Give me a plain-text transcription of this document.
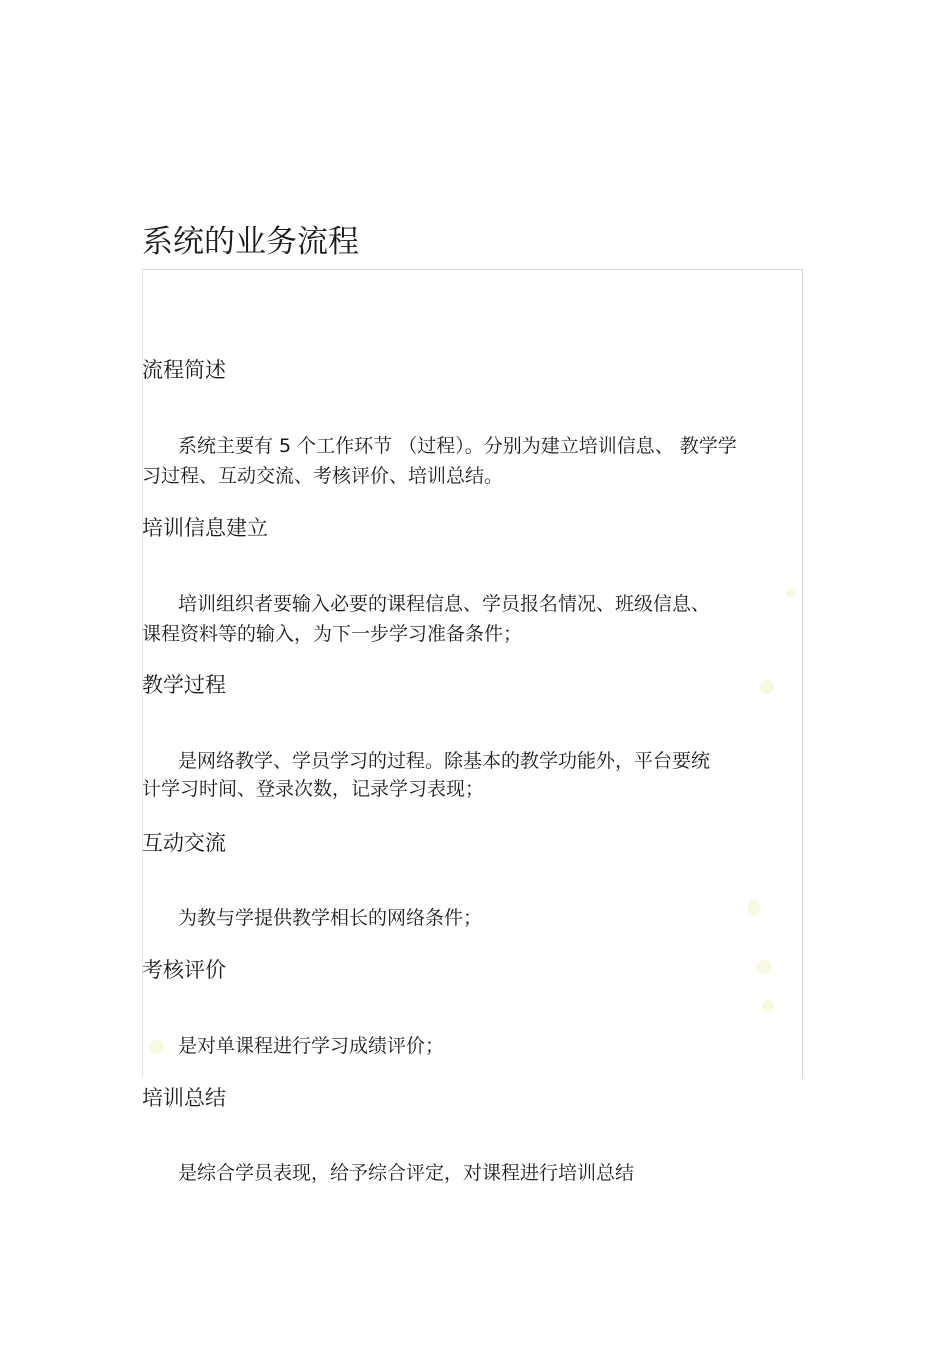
系统的业务流程
流程简述

系统主要有 5 个工作环节 （过程）。分别为建立培训信息、 教学学

习过程、互动交流、考核评价、培训总结。

培训信息建立

培训组织者要输入必要的课程信息、学员报名情况、班级信息、

课程资料等的输入，为下一步学习准备条件；

教学过程

是网络教学、学员学习的过程。除基本的教学功能外，平台要统

计学习时间、登录次数，记录学习表现；

互动交流

为教与学提供教学相长的网络条件；

考核评价

是对单课程进行学习成绩评价；

培训总结

是综合学员表现，给予综合评定，对课程进行培训总结
